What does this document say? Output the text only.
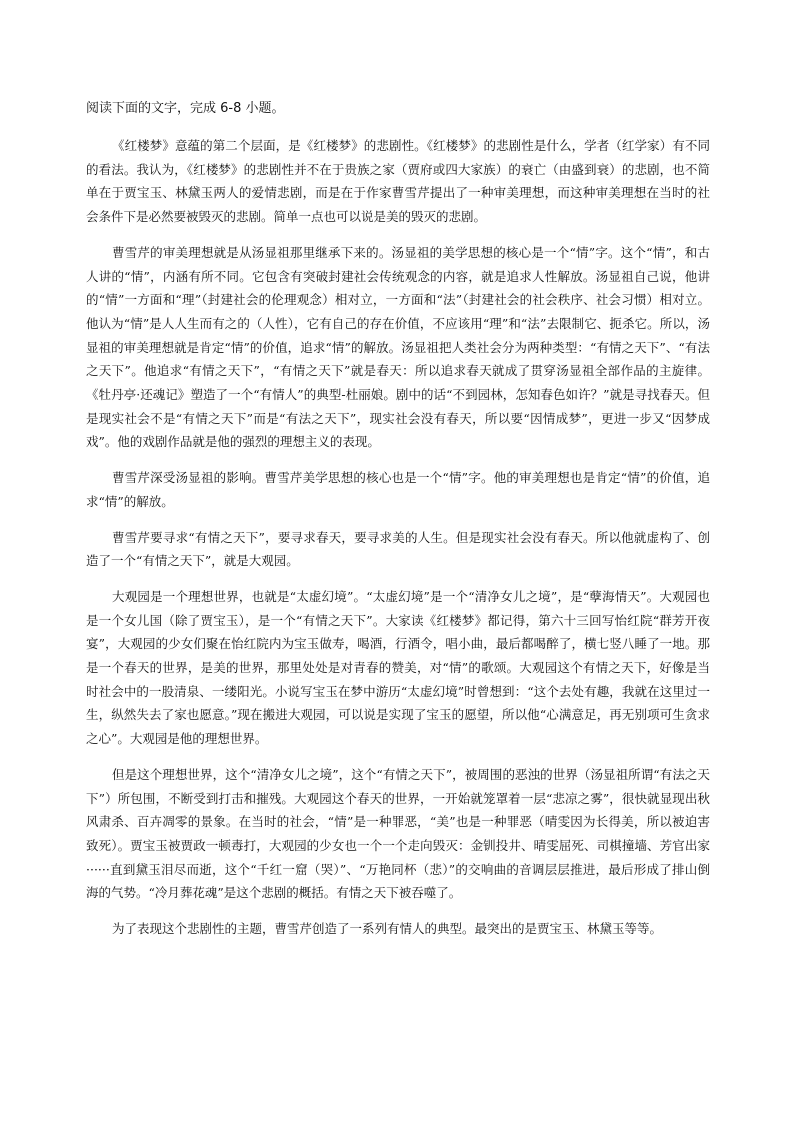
阅读下面的文字，完成 6-8 小题。

《红楼梦》意蕴的第二个层面，是《红楼梦》的悲剧性。《红楼梦》的悲剧性是什么，学者（红学家）有不同的看法。我认为，《红楼梦》的悲剧性并不在于贵族之家（贾府或四大家族）的衰亡（由盛到衰）的悲剧，也不简单在于贾宝玉、林黛玉两人的爱情悲剧，而是在于作家曹雪芹提出了一种审美理想，而这种审美理想在当时的社会条件下是必然要被毁灭的悲剧。简单一点也可以说是美的毁灭的悲剧。

曹雪芹的审美理想就是从汤显祖那里继承下来的。汤显祖的美学思想的核心是一个“情”字。这个“情”，和古人讲的“情”，内涵有所不同。它包含有突破封建社会传统观念的内容，就是追求人性解放。汤显祖自己说，他讲的“情”一方面和“理”（封建社会的伦理观念）相对立，一方面和“法”（封建社会的社会秩序、社会习惯）相对立。他认为“情”是人人生而有之的（人性），它有自己的存在价值，不应该用“理”和“法”去限制它、扼杀它。所以，汤显祖的审美理想就是肯定“情”的价值，追求“情”的解放。汤显祖把人类社会分为两种类型：“有情之天下”、“有法之天下”。他追求“有情之天下”，“有情之天下”就是春天：所以追求春天就成了贯穿汤显祖全部作品的主旋律。《牡丹亭·还魂记》塑造了一个“有情人”的典型-杜丽娘。剧中的话“不到园林，怎知春色如许？”就是寻找春天。但是现实社会不是“有情之天下”而是“有法之天下”，现实社会没有春天，所以要“因情成梦”，更进一步又“因梦成戏”。他的戏剧作品就是他的强烈的理想主义的表现。

曹雪芹深受汤显祖的影响。曹雪芹美学思想的核心也是一个“情”字。他的审美理想也是肯定“情”的价值，追求“情”的解放。

曹雪芹要寻求“有情之天下”，要寻求春天，要寻求美的人生。但是现实社会没有春天。所以他就虚构了、创造了一个“有情之天下”，就是大观园。

大观园是一个理想世界，也就是“太虚幻境”。“太虚幻境”是一个“清净女儿之境”，是“孽海情天”。大观园也是一个女儿国（除了贾宝玉），是一个“有情之天下”。大家读《红楼梦》都记得，第六十三回写怡红院“群芳开夜宴”，大观园的少女们聚在怡红院内为宝玉做寿，喝酒，行酒令，唱小曲，最后都喝醉了，横七竖八睡了一地。那是一个春天的世界，是美的世界，那里处处是对青春的赞美，对“情”的歌颂。大观园这个有情之天下，好像是当时社会中的一股清泉、一缕阳光。小说写宝玉在梦中游历“太虚幻境”时曾想到：“这个去处有趣，我就在这里过一生，纵然失去了家也愿意。”现在搬进大观园，可以说是实现了宝玉的愿望，所以他“心满意足，再无别项可生贪求之心”。大观园是他的理想世界。

但是这个理想世界，这个“清净女儿之境”，这个“有情之天下”，被周围的恶浊的世界（汤显祖所谓“有法之天下”）所包围，不断受到打击和摧残。大观园这个春天的世界，一开始就笼罩着一层“悲凉之雾”，很快就显现出秋风肃杀、百卉凋零的景象。在当时的社会，“情”是一种罪恶，“美”也是一种罪恶（晴雯因为长得美，所以被迫害致死）。贾宝玉被贾政一顿毒打，大观园的少女也一个一个走向毁灭：金钏投井、晴雯屈死、司棋撞墙、芳官出家······直到黛玉泪尽而逝，这个“千红一窟（哭）”、“万艳同杯（悲）”的交响曲的音调层层推进，最后形成了排山倒海的气势。“冷月葬花魂”是这个悲剧的概括。有情之天下被吞噬了。

为了表现这个悲剧性的主题，曹雪芹创造了一系列有情人的典型。最突出的是贾宝玉、林黛玉等等。
